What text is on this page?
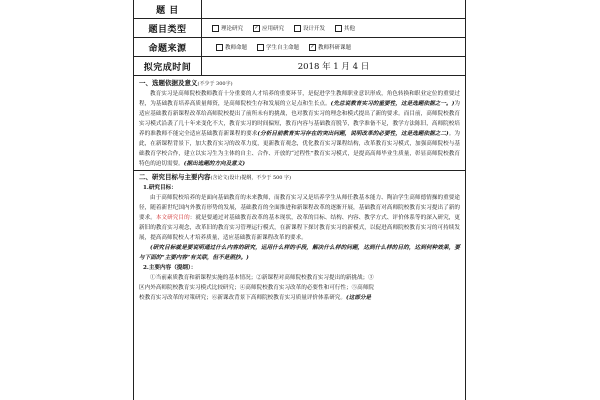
题 目
题目类型	理论研究 ✓ 应用研究	设计开发	其他
命题来源	教师命题	学生自主命题 ✓ 教师科研课题
拟完成时间	2018 年 1 月 4 日
一、选题依据及意义(不少于 300字)
教育实习是高师院校教师教育十分重要的人才培养的重要环节，是促进学生教师职业意识形成，角色转换和职业定位的重要过程，为基础教育培养高质量师资，是高师院校生存和发展的立足点和生长点。(先总说教育实习的重要性，这是选题依据之一。)为适应基础教育新课程改革给高师院校提出了前所未有的挑战，也对教育实习的理念和模式提出了新的要求。而目前，高师院校教育实习模式沿袭了几十年来变化不大，教育实习的时间偏短，教育内容与基础教育脱节，教学准备不足，教学方法陈旧，高师院校培养的准教师不能完全适应基础教育新课程的要求(分析目前教育实习存在的突出问题，说明改革的必要性，这是选题依据之二)。为此，在新课程背景下，加大教育实习的改革力度，更新教育观念，优化教育实习课程结构，改革教育实习模式，加强高师院校与基础教育学校合作，建立以实习生为主体的自主、合作、开放的“过程性”教育实习模式，是提高高师毕业生质量，彰显高师院校教育特色的迫切需要。(据出选题的方向及意义)
二、研究目标与主要内容(含论文(设计)提纲，不少于 500 字)
1.研究目标：
由于高师院校培养的是面向基础教育的未来教师，而教育实习又是培养学生从师任教基本能力、陶冶学生高师德情操的重要途径，随着新世纪国内外教育形势的发展，基础教育的全面推进和新课程改革的逐渐开展，基础教育对高师院校教育实习提出了新的要求。本文研究目的：就是要通过对基础教育改革的基本现状，改革的目标、结构、内容、教学方式、评价体系等的深入研究，更新旧的教育实习观念，改革旧的教育实习管理运行模式，在新课程下探讨教育实习的新模式，以促进高师院校教育实习的可持续发展，提高高师院校人才培养质量，适应基础教育新课程改革的要求。
(研究目标就是要说明通过什么内容的研究，运用什么样的手段，解决什么样的问题，达到什么样的目的，达到何种效果，要与下面的“主要内容”有关联，但不是照抄。)
2.主要内容（提纲）：
①当前素质教育和新课程实施的基本情况；②新课程对高师院校教育实习提出的新挑战；③
区内外高师院校教育实习模式比较研究；④高师院校教育实习改革的必要性和可行性；⑤高师院
校教育实习改革的对策研究；⑥新课改背景下高师院校教育实习质量评价体系研究。(这部分是
